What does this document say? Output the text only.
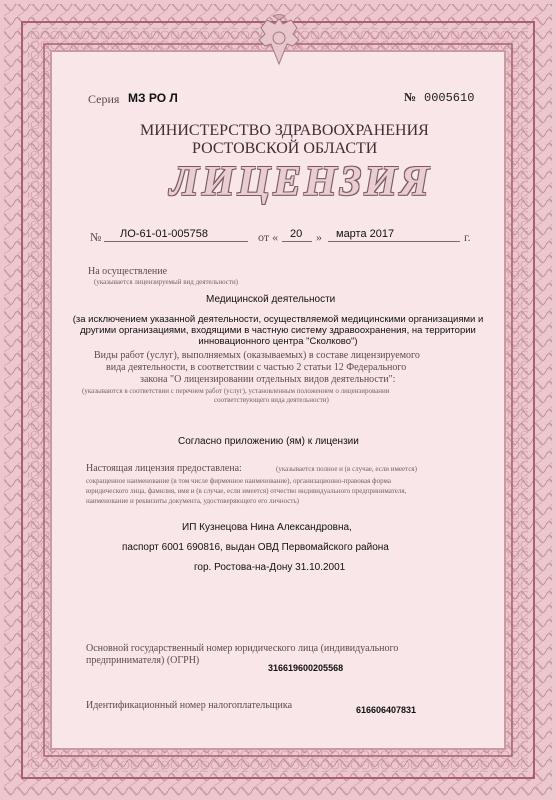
Серия МЗ РО Л	№ 0005610
МИНИСТЕРСТВО ЗДРАВООХРАНЕНИЯ
РОСТОВСКОЙ ОБЛАСТИ
ЛИЦЕНЗИЯ
№ ЛО-61-01-005758	от « 20 » марта 2017	г.
На осуществление
(указывается лицензируемый вид деятельности)
Медицинской деятельности
(за исключением указанной деятельности, осуществляемой медицинскими организациями и другими организациями, входящими в частную систему здравоохранения, на территории инновационного центра "Сколково")
Виды работ (услуг), выполняемых (оказываемых) в составе лицензируемого
вида деятельности, в соответствии с частью 2 статьи 12 Федерального
закона "О лицензировании отдельных видов деятельности":
(указываются в соответствии с перечнем работ (услуг), установленным положением о лицензировании
соответствующего вида деятельности)
Согласно приложению (ям) к лицензии
Настоящая лицензия предоставлена:	(указывается полное и (в случае, если имеется)
сокращенное наименование (в том числе фирменное наименование), организационно-правовая форма
юридического лица, фамилия, имя и (в случае, если имеется) отчество индивидуального предпринимателя,
наименование и реквизиты документа, удостоверяющего его личность)
ИП Кузнецова Нина Александровна,
паспорт 6001 690816, выдан ОВД Первомайского района
гор. Ростова-на-Дону 31.10.2001
Основной государственный номер юридического лица (индивидуального
предпринимателя) (ОГРН)
316619600205568
Идентификационный номер налогоплательщика	616606407831
